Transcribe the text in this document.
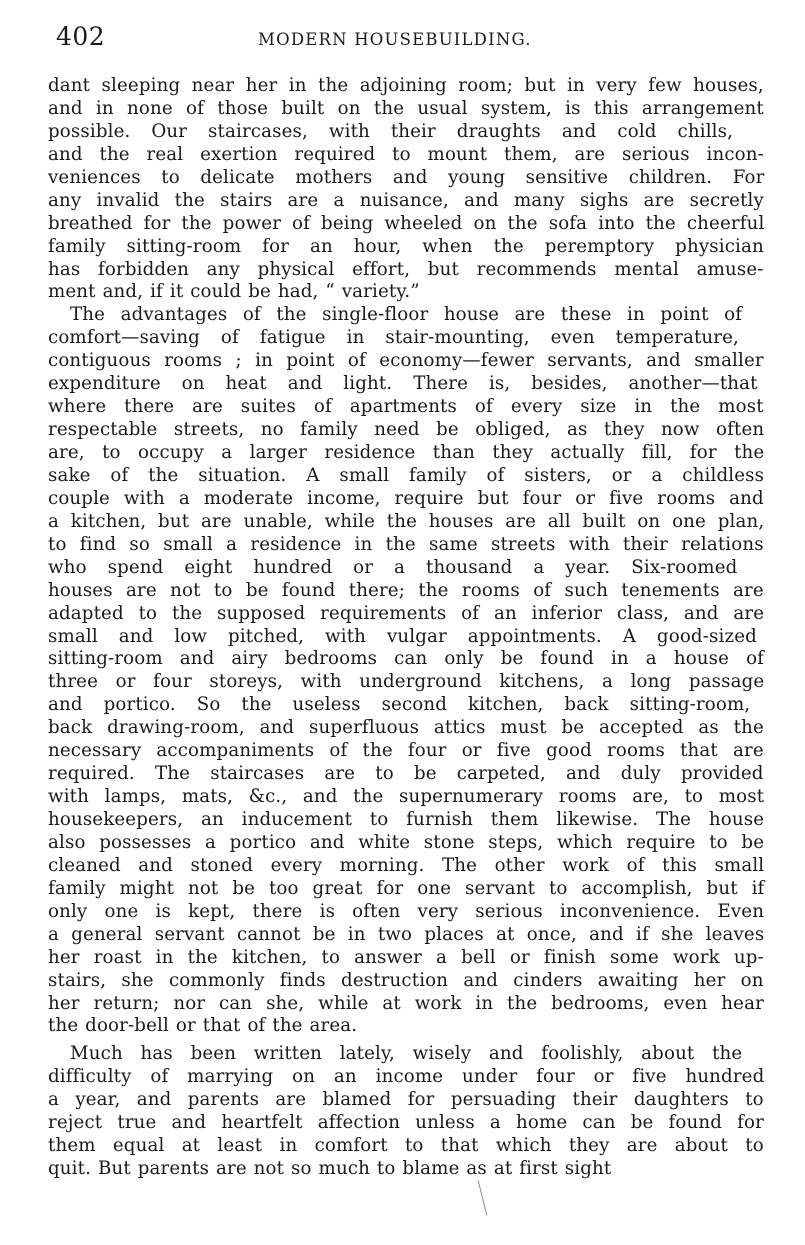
402	MODERN HOUSEBUILDING.
dant sleeping near her in the adjoining room; but in very few houses,
and in none of those built on the usual system, is this arrangement
possible. Our staircases, with their draughts and cold chills,
and the real exertion required to mount them, are serious incon-
veniences to delicate mothers and young sensitive children. For
any invalid the stairs are a nuisance, and many sighs are secretly
breathed for the power of being wheeled on the sofa into the cheerful
family sitting-room for an hour, when the peremptory physician
has forbidden any physical effort, but recommends mental amuse-
ment and, if it could be had, “ variety.”
The advantages of the single-floor house are these in point of
comfort—saving of fatigue in stair-mounting, even temperature,
contiguous rooms ; in point of economy—fewer servants, and smaller
expenditure on heat and light. There is, besides, another—that
where there are suites of apartments of every size in the most
respectable streets, no family need be obliged, as they now often
are, to occupy a larger residence than they actually fill, for the
sake of the situation. A small family of sisters, or a childless
couple with a moderate income, require but four or five rooms and
a kitchen, but are unable, while the houses are all built on one plan,
to find so small a residence in the same streets with their relations
who spend eight hundred or a thousand a year. Six-roomed
houses are not to be found there; the rooms of such tenements are
adapted to the supposed requirements of an inferior class, and are
small and low pitched, with vulgar appointments. A good-sized
sitting-room and airy bedrooms can only be found in a house of
three or four storeys, with underground kitchens, a long passage
and portico. So the useless second kitchen, back sitting-room,
back drawing-room, and superfluous attics must be accepted as the
necessary accompaniments of the four or five good rooms that are
required. The staircases are to be carpeted, and duly provided
with lamps, mats, &c., and the supernumerary rooms are, to most
housekeepers, an inducement to furnish them likewise. The house
also possesses a portico and white stone steps, which require to be
cleaned and stoned every morning. The other work of this small
family might not be too great for one servant to accomplish, but if
only one is kept, there is often very serious inconvenience. Even
a general servant cannot be in two places at once, and if she leaves
her roast in the kitchen, to answer a bell or finish some work up-
stairs, she commonly finds destruction and cinders awaiting her on
her return; nor can she, while at work in the bedrooms, even hear
the door-bell or that of the area.
Much has been written lately, wisely and foolishly, about the
difficulty of marrying on an income under four or five hundred
a year, and parents are blamed for persuading their daughters to
reject true and heartfelt affection unless a home can be found for
them equal at least in comfort to that which they are about to
quit. But parents are not so much to blame as at first sight
